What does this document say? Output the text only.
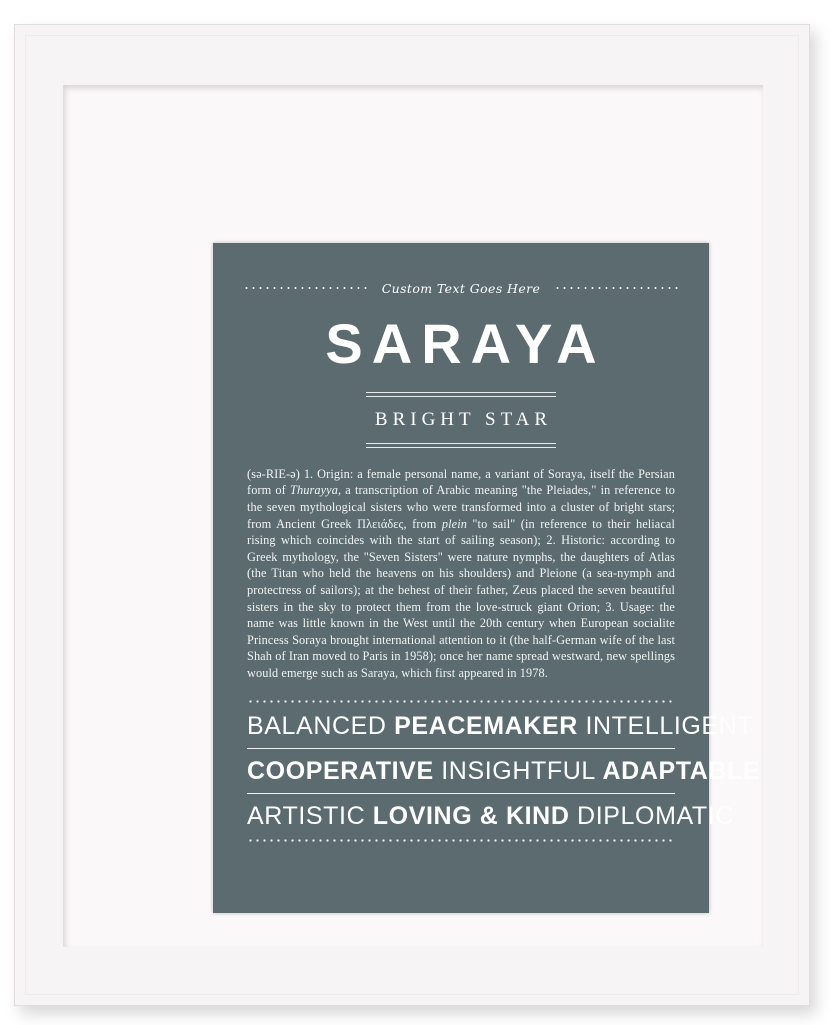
Custom Text Goes Here
SARAYA
BRIGHT STAR

(sə-RIE-ə) 1. Origin: a female personal name, a variant of Soraya, itself the Persian form of Thurayya, a transcription of Arabic meaning "the Pleiades," in reference to the seven mythological sisters who were transformed into a cluster of bright stars; from Ancient Greek Πλειάδες, from plein "to sail" (in reference to their heliacal rising which coincides with the start of sailing season); 2. Historic: according to Greek mythology, the "Seven Sisters" were nature nymphs, the daughters of Atlas (the Titan who held the heavens on his shoulders) and Pleione (a sea-nymph and protectress of sailors); at the behest of their father, Zeus placed the seven beautiful sisters in the sky to protect them from the love-struck giant Orion; 3. Usage: the name was little known in the West until the 20th century when European socialite Princess Soraya brought international attention to it (the half-German wife of the last Shah of Iran moved to Paris in 1958); once her name spread westward, new spellings would emerge such as Saraya, which first appeared in 1978.

BALANCED PEACEMAKER INTELLIGENT
COOPERATIVE INSIGHTFUL ADAPTABLE
ARTISTIC LOVING & KIND DIPLOMATIC
